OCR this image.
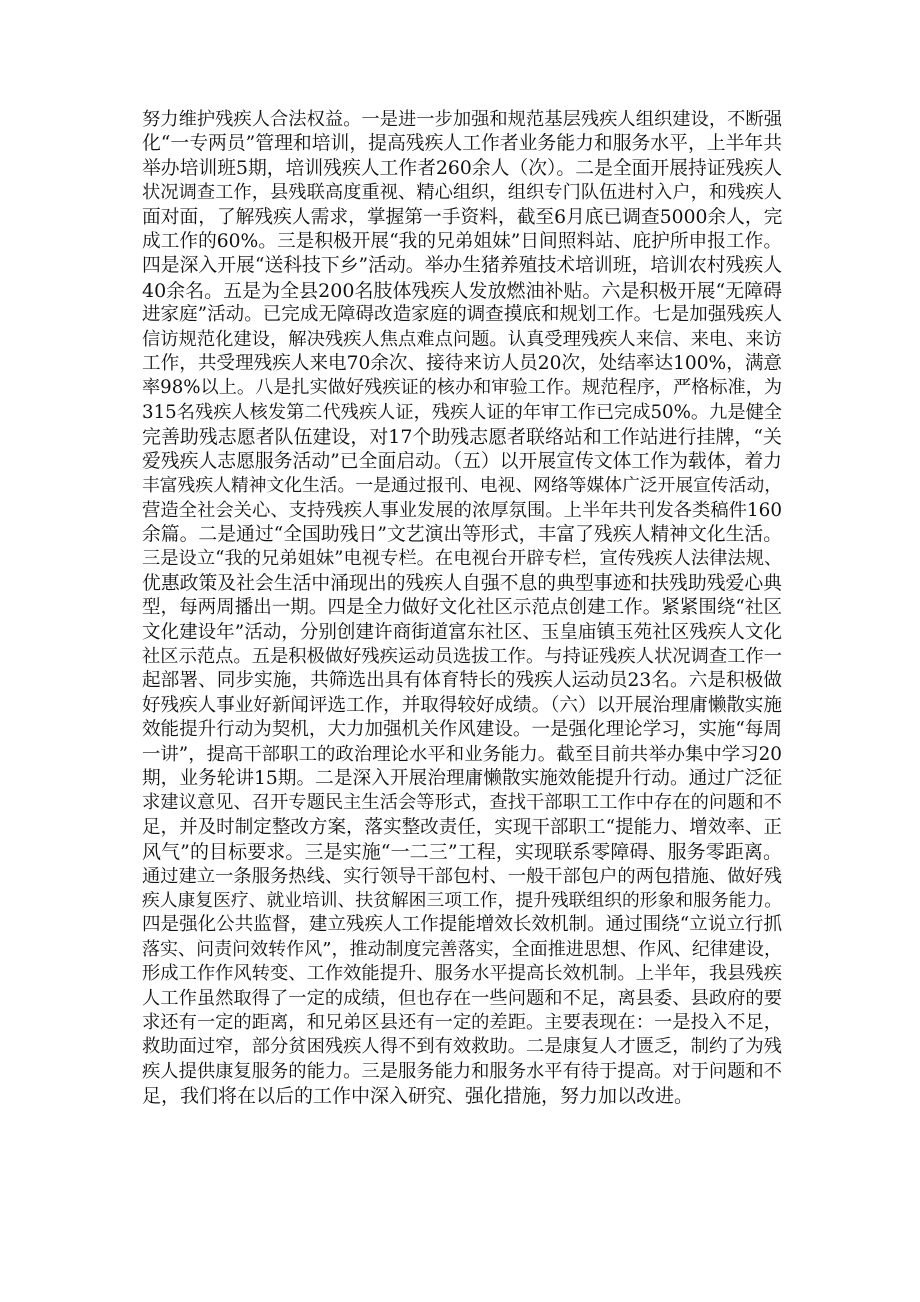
努力维护残疾人合法权益。一是进一步加强和规范基层残疾人组织建设，不断强
化“一专两员”管理和培训，提高残疾人工作者业务能力和服务水平，上半年共
举办培训班5期，培训残疾人工作者260余人（次）。二是全面开展持证残疾人
状况调查工作，县残联高度重视、精心组织，组织专门队伍进村入户，和残疾人
面对面，了解残疾人需求，掌握第一手资料，截至6月底已调查5000余人，完
成工作的60%。三是积极开展“我的兄弟姐妹”日间照料站、庇护所申报工作。
四是深入开展“送科技下乡”活动。举办生猪养殖技术培训班，培训农村残疾人
40余名。五是为全县200名肢体残疾人发放燃油补贴。六是积极开展“无障碍
进家庭”活动。已完成无障碍改造家庭的调查摸底和规划工作。七是加强残疾人
信访规范化建设，解决残疾人焦点难点问题。认真受理残疾人来信、来电、来访
工作，共受理残疾人来电70余次、接待来访人员20次，处结率达100%，满意
率98%以上。八是扎实做好残疾证的核办和审验工作。规范程序，严格标准，为
315名残疾人核发第二代残疾人证，残疾人证的年审工作已完成50%。九是健全
完善助残志愿者队伍建设，对17个助残志愿者联络站和工作站进行挂牌，“关
爱残疾人志愿服务活动”已全面启动。（五）以开展宣传文体工作为载体，着力
丰富残疾人精神文化生活。一是通过报刊、电视、网络等媒体广泛开展宣传活动，
营造全社会关心、支持残疾人事业发展的浓厚氛围。上半年共刊发各类稿件160
余篇。二是通过“全国助残日”文艺演出等形式，丰富了残疾人精神文化生活。
三是设立“我的兄弟姐妹”电视专栏。在电视台开辟专栏，宣传残疾人法律法规、
优惠政策及社会生活中涌现出的残疾人自强不息的典型事迹和扶残助残爱心典
型，每两周播出一期。四是全力做好文化社区示范点创建工作。紧紧围绕“社区
文化建设年”活动，分别创建许商街道富东社区、玉皇庙镇玉苑社区残疾人文化
社区示范点。五是积极做好残疾运动员选拔工作。与持证残疾人状况调查工作一
起部署、同步实施，共筛选出具有体育特长的残疾人运动员23名。六是积极做
好残疾人事业好新闻评选工作，并取得较好成绩。（六）以开展治理庸懒散实施
效能提升行动为契机，大力加强机关作风建设。一是强化理论学习，实施“每周
一讲”，提高干部职工的政治理论水平和业务能力。截至目前共举办集中学习20
期，业务轮讲15期。二是深入开展治理庸懒散实施效能提升行动。通过广泛征
求建议意见、召开专题民主生活会等形式，查找干部职工工作中存在的问题和不
足，并及时制定整改方案，落实整改责任，实现干部职工“提能力、增效率、正
风气”的目标要求。三是实施“一二三”工程，实现联系零障碍、服务零距离。
通过建立一条服务热线、实行领导干部包村、一般干部包户的两包措施、做好残
疾人康复医疗、就业培训、扶贫解困三项工作，提升残联组织的形象和服务能力。
四是强化公共监督，建立残疾人工作提能增效长效机制。通过围绕“立说立行抓
落实、问责问效转作风”，推动制度完善落实，全面推进思想、作风、纪律建设，
形成工作作风转变、工作效能提升、服务水平提高长效机制。上半年，我县残疾
人工作虽然取得了一定的成绩，但也存在一些问题和不足，离县委、县政府的要
求还有一定的距离，和兄弟区县还有一定的差距。主要表现在：一是投入不足，
救助面过窄，部分贫困残疾人得不到有效救助。二是康复人才匮乏，制约了为残
疾人提供康复服务的能力。三是服务能力和服务水平有待于提高。对于问题和不
足，我们将在以后的工作中深入研究、强化措施，努力加以改进。
